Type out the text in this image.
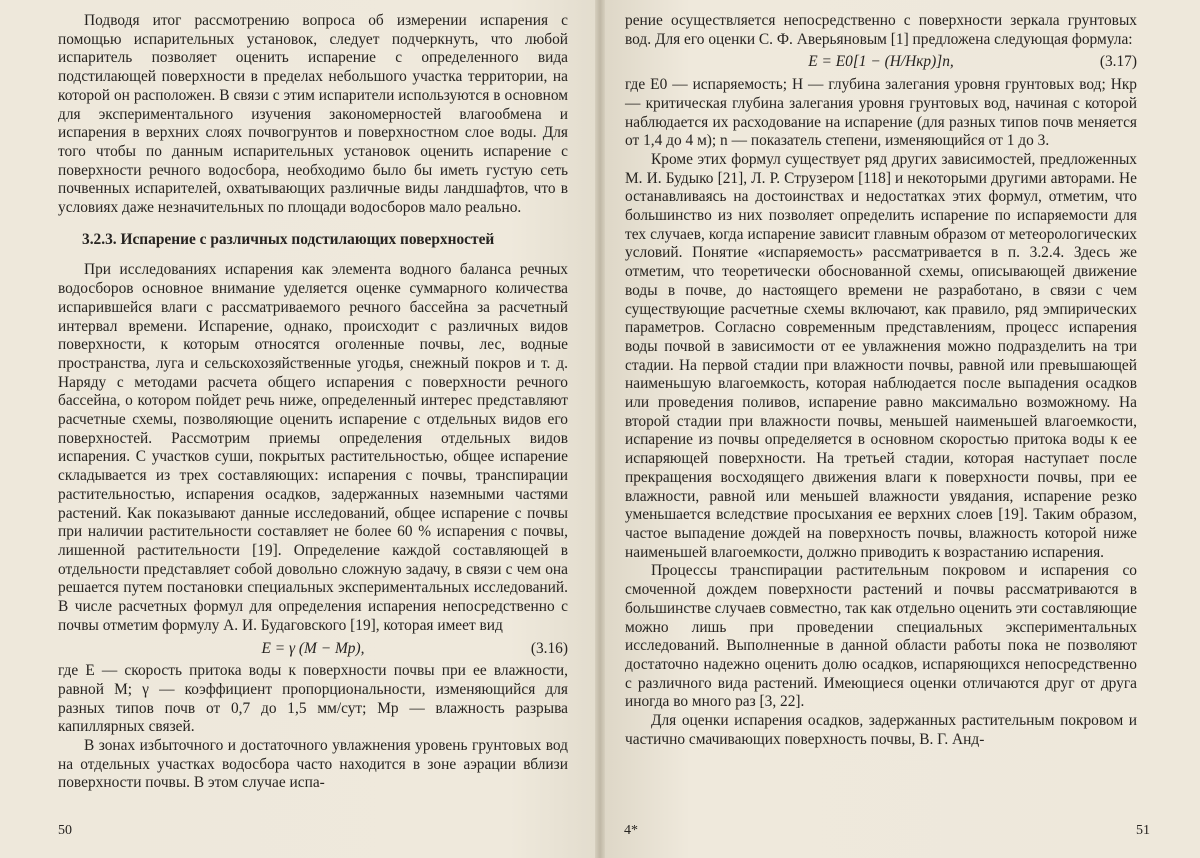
Подводя итог рассмотрению вопроса об измерении испарения с помощью испарительных установок, следует подчеркнуть, что любой испаритель позволяет оценить испарение с определенного вида подстилающей поверхности в пределах небольшого участка территории, на которой он расположен. В связи с этим испарители используются в основном для экспериментального изучения закономерностей влагообмена и испарения в верхних слоях почвогрунтов и поверхностном слое воды. Для того чтобы по данным испарительных установок оценить испарение с поверхности речного водосбора, необходимо было бы иметь густую сеть почвенных испарителей, охватывающих различные виды ландшафтов, что в условиях даже незначительных по площади водосборов мало реально.

3.2.3. Испарение с различных подстилающих поверхностей

При исследованиях испарения как элемента водного баланса речных водосборов основное внимание уделяется оценке суммарного количества испарившейся влаги с рассматриваемого речного бассейна за расчетный интервал времени. Испарение, однако, происходит с различных видов поверхности, к которым относятся оголенные почвы, лес, водные пространства, луга и сельскохозяйственные угодья, снежный покров и т. д. Наряду с методами расчета общего испарения с поверхности речного бассейна, о котором пойдет речь ниже, определенный интерес представляют расчетные схемы, позволяющие оценить испарение с отдельных видов его поверхностей. Рассмотрим приемы определения отдельных видов испарения. С участков суши, покрытых растительностью, общее испарение складывается из трех составляющих: испарения с почвы, транспирации растительностью, испарения осадков, задержанных наземными частями растений. Как показывают данные исследований, общее испарение с почвы при наличии растительности составляет не более 60 % испарения с почвы, лишенной растительности [19]. Определение каждой составляющей в отдельности представляет собой довольно сложную задачу, в связи с чем она решается путем постановки специальных экспериментальных исследований. В числе расчетных формул для определения испарения непосредственно с почвы отметим формулу А. И. Будаговского [19], которая имеет вид

E = γ (M − Mр),	(3.16)

где E — скорость притока воды к поверхности почвы при ее влажности, равной M; γ — коэффициент пропорциональности, изменяющийся для разных типов почв от 0,7 до 1,5 мм/сут; Mр — влажность разрыва капиллярных связей.

В зонах избыточного и достаточного увлажнения уровень грунтовых вод на отдельных участках водосбора часто находится в зоне аэрации вблизи поверхности почвы. В этом случае испа-

50

рение осуществляется непосредственно с поверхности зеркала грунтовых вод. Для его оценки С. Ф. Аверьяновым [1] предложена следующая формула:

E = E0[1 − (H/Hкр)]n,	(3.17)

где E0 — испаряемость; H — глубина залегания уровня грунтовых вод; Hкр — критическая глубина залегания уровня грунтовых вод, начиная с которой наблюдается их расходование на испарение (для разных типов почв меняется от 1,4 до 4 м); n — показатель степени, изменяющийся от 1 до 3.

Кроме этих формул существует ряд других зависимостей, предложенных М. И. Будыко [21], Л. Р. Струзером [118] и некоторыми другими авторами. Не останавливаясь на достоинствах и недостатках этих формул, отметим, что большинство из них позволяет определить испарение по испаряемости для тех случаев, когда испарение зависит главным образом от метеорологических условий. Понятие «испаряемость» рассматривается в п. 3.2.4. Здесь же отметим, что теоретически обоснованной схемы, описывающей движение воды в почве, до настоящего времени не разработано, в связи с чем существующие расчетные схемы включают, как правило, ряд эмпирических параметров. Согласно современным представлениям, процесс испарения воды почвой в зависимости от ее увлажнения можно подразделить на три стадии. На первой стадии при влажности почвы, равной или превышающей наименьшую влагоемкость, которая наблюдается после выпадения осадков или проведения поливов, испарение равно максимально возможному. На второй стадии при влажности почвы, меньшей наименьшей влагоемкости, испарение из почвы определяется в основном скоростью притока воды к ее испаряющей поверхности. На третьей стадии, которая наступает после прекращения восходящего движения влаги к поверхности почвы, при ее влажности, равной или меньшей влажности увядания, испарение резко уменьшается вследствие просыхания ее верхних слоев [19]. Таким образом, частое выпадение дождей на поверхность почвы, влажность которой ниже наименьшей влагоемкости, должно приводить к возрастанию испарения.

Процессы транспирации растительным покровом и испарения со смоченной дождем поверхности растений и почвы рассматриваются в большинстве случаев совместно, так как отдельно оценить эти составляющие можно лишь при проведении специальных экспериментальных исследований. Выполненные в данной области работы пока не позволяют достаточно надежно оценить долю осадков, испаряющихся непосредственно с различного вида растений. Имеющиеся оценки отличаются друг от друга иногда во много раз [3, 22].

Для оценки испарения осадков, задержанных растительным покровом и частично смачивающих поверхность почвы, В. Г. Анд-

4*	51
